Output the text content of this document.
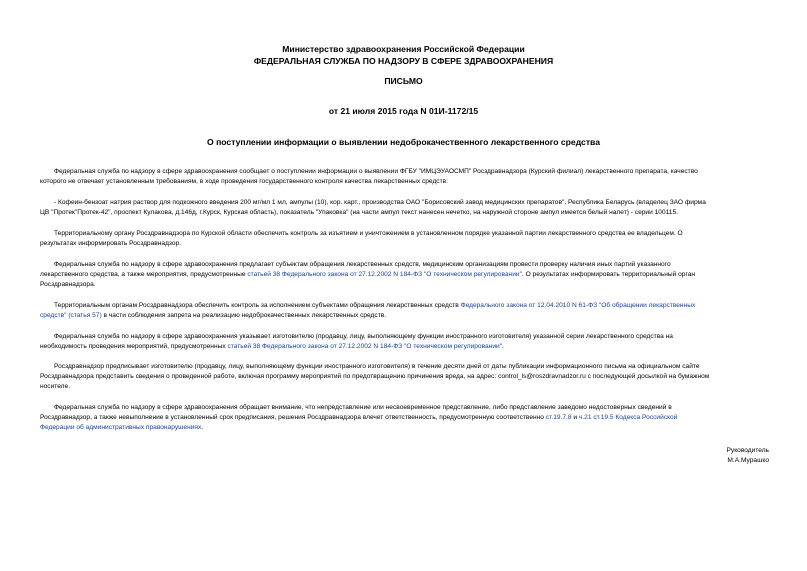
Министерство здравоохранения Российской Федерации
ФЕДЕРАЛЬНАЯ СЛУЖБА ПО НАДЗОРУ В СФЕРЕ ЗДРАВООХРАНЕНИЯ
ПИСЬМО
от 21 июля 2015 года N 01И-1172/15
О поступлении информации о выявлении недоброкачественного лекарственного средства
Федеральная служба по надзору в сфере здравоохранения сообщает о поступлении информации о выявлении ФГБУ "ИМЦЭУАОСМП" Росздравнадзора (Курский филиал) лекарственного препарата, качество
которого не отвечает установленным требованиям, в ходе проведения государственного контроля качества лекарственных средств:
- Кофеин-бензоат натрия раствор для подкожного введения 200 мг/мл 1 мл, ампулы (10), кор. карт., производства ОАО "Борисовский завод медицинских препаратов", Республика Беларусь (владелец ЗАО фирма
ЦВ "Протек"Протек-42", проспект Кулакова, д.146д, г.Курск, Курская область), показатель "Упаковка" (на части ампул текст нанесен нечетко, на наружной стороне ампул имеется белый налет) - серии 100115.
Территориальному органу Росздравнадзора по Курской области обеспечить контроль за изъятием и уничтожением в установленном порядке указанной партии лекарственного средства ее владельцем. О
результатах информировать Росздравнадзор.
Федеральная служба по надзору в сфере здравоохранения предлагает субъектам обращения лекарственных средств, медицинским организациям провести проверку наличия иных партий указанного
лекарственного средства, а также мероприятия, предусмотренные статьей 38 Федерального закона от 27.12.2002 N 184-ФЗ "О техническом регулировании". О результатах информировать территориальный орган
Росздравнадзора.
Территориальным органам Росздравнадзора обеспечить контроль за исполнением субъектами обращения лекарственных средств Федерального закона от 12.04.2010 N 61-ФЗ "Об обращении лекарственных
средств" (статья 57) в части соблюдения запрета на реализацию недоброкачественных лекарственных средств.
Федеральная служба по надзору в сфере здравоохранения указывает изготовителю (продавцу, лицу, выполняющему функции иностранного изготовителя) указанной серии лекарственного средства на
необходимость проведения мероприятий, предусмотренных статьей 38 Федерального закона от 27.12.2002 N 184-ФЗ "О техническом регулировании".
Росздравнадзор предписывает изготовителю (продавцу, лицу, выполняющему функции иностранного изготовителя) в течение десяти дней от даты публикации информационного письма на официальном сайте
Росздравнадзора представить сведения о проведенной работе, включая программу мероприятий по предотвращению причинения вреда, на адрес: control_ls@roszdravnadzor.ru с последующей досылкой на бумажном
носителе.
Федеральная служба по надзору в сфере здравоохранения обращает внимание, что непредставление или несвоевременное представление, либо представление заведомо недостоверных сведений в
Росздравнадзор, а также невыполнение в установленный срок предписания, решения Росздравнадзора влечет ответственность, предусмотренную соответственно ст.19.7.8 и ч.21 ст.19.5 Кодекса Российской
Федерации об административных правонарушениях.
Руководитель
М.А.Мурашко
